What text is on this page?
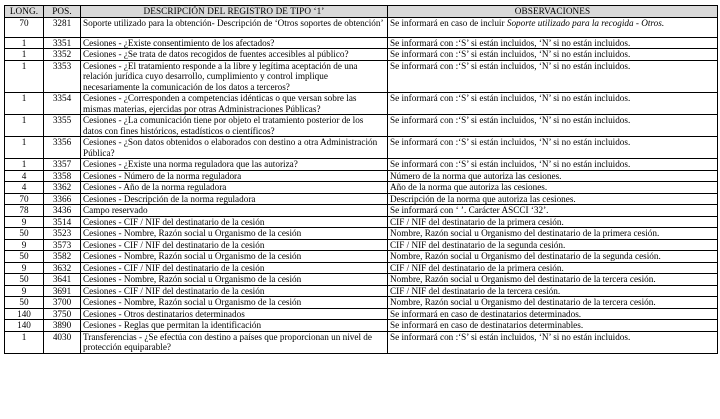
LONG.	POS.	DESCRIPCIÓN DEL REGISTRO DE TIPO ‘1’	OBSERVACIONES
70	3281	Soporte utilizado para la obtención- Descripción de ‘Otros soportes de obtención’	Se informará en caso de incluir Soporte utilizado para la recogida - Otros.
1	3351	Cesiones - ¿Existe consentimiento de los afectados?	Se informará con :‘S’ si están incluidos, ‘N’ si no están incluidos.
1	3352	Cesiones - ¿Se trata de datos recogidos de fuentes accesibles al público?	Se informará con :‘S’ si están incluidos, ‘N’ si no están incluidos.
1	3353	Cesiones - ¿El tratamiento responde a la libre y legítima aceptación de una relación jurídica cuyo desarrollo, cumplimiento y control implique necesariamente la comunicación de los datos a terceros?	Se informará con :‘S’ si están incluidos, ‘N’ si no están incluidos.
1	3354	Cesiones - ¿Corresponden a competencias idénticas o que versan sobre las mismas materias, ejercidas por otras Administraciones Públicas?	Se informará con :‘S’ si están incluidos, ‘N’ si no están incluidos.
1	3355	Cesiones - ¿La comunicación tiene por objeto el tratamiento posterior de los datos con fines históricos, estadísticos o científicos?	Se informará con :‘S’ si están incluidos, ‘N’ si no están incluidos.
1	3356	Cesiones - ¿Son datos obtenidos o elaborados con destino a otra Administración Pública?	Se informará con :‘S’ si están incluidos, ‘N’ si no están incluidos.
1	3357	Cesiones - ¿Existe una norma reguladora que las autoriza?	Se informará con :‘S’ si están incluidos, ‘N’ si no están incluidos.
4	3358	Cesiones - Número de la norma reguladora	Número de la norma que autoriza las cesiones.
4	3362	Cesiones - Año de la norma reguladora	Año de la norma que autoriza las cesiones.
70	3366	Cesiones - Descripción de la norma reguladora	Descripción de la norma que autoriza las cesiones.
78	3436	Campo reservado	Se informará con ‘ ’. Carácter ASCCI ‘32’.
9	3514	Cesiones - CIF / NIF del destinatario de la cesión	CIF / NIF del destinatario de la primera cesión.
50	3523	Cesiones - Nombre, Razón social u Organismo de la cesión	Nombre, Razón social u Organismo del destinatario de la primera cesión.
9	3573	Cesiones - CIF / NIF del destinatario de la cesión	CIF / NIF del destinatario de la segunda cesión.
50	3582	Cesiones - Nombre, Razón social u Organismo de la cesión	Nombre, Razón social u Organismo del destinatario de la segunda cesión.
9	3632	Cesiones - CIF / NIF del destinatario de la cesión	CIF / NIF del destinatario de la primera cesión.
50	3641	Cesiones - Nombre, Razón social u Organismo de la cesión	Nombre, Razón social u Organismo del destinatario de la tercera cesión.
9	3691	Cesiones - CIF / NIF del destinatario de la cesión	CIF / NIF del destinatario de la tercera cesión.
50	3700	Cesiones - Nombre, Razón social u Organismo de la cesión	Nombre, Razón social u Organismo del destinatario de la tercera cesión.
140	3750	Cesiones - Otros destinatarios determinados	Se informará en caso de destinatarios determinados.
140	3890	Cesiones - Reglas que permitan la identificación	Se informará en caso de destinatarios determinables.
1	4030	Transferencias - ¿Se efectúa con destino a países que proporcionan un nivel de protección equiparable?	Se informará con :‘S’ si están incluidos, ‘N’ si no están incluidos.
